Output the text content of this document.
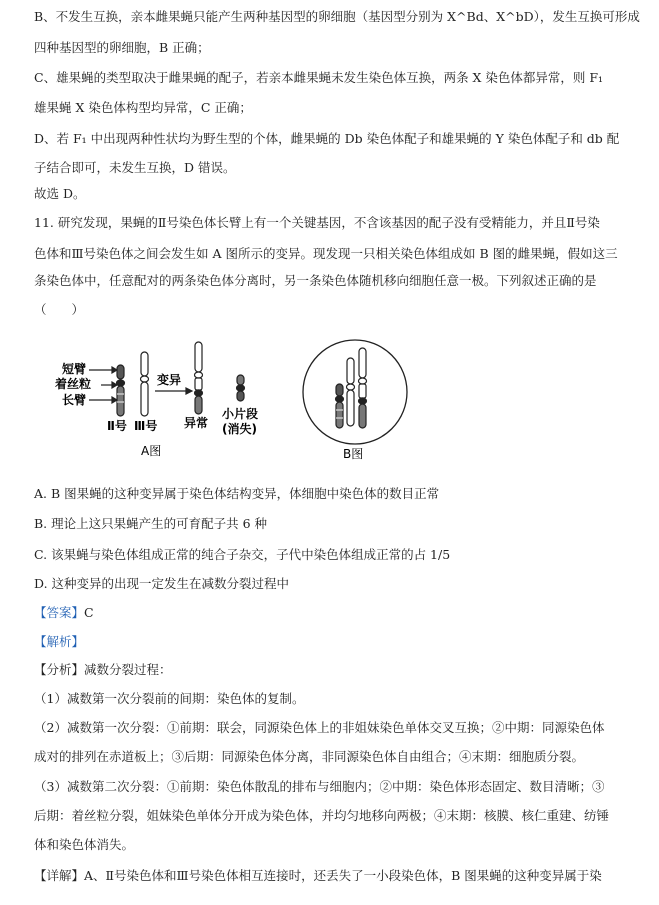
B、不发生互换，亲本雌果蝇只能产生两种基因型的卵细胞（基因型分别为 X^Bd、X^bD），发生互换可形成
四种基因型的卵细胞，B 正确；
C、雄果蝇的类型取决于雌果蝇的配子，若亲本雌果蝇未发生染色体互换，两条 X 染色体都异常，则 F₁
雄果蝇 X 染色体构型均异常，C 正确；
D、若 F₁ 中出现两种性状均为野生型的个体，雌果蝇的 Db 染色体配子和雄果蝇的 Y 染色体配子和 db 配
子结合即可，未发生互换，D 错误。
故选 D。
11. 研究发现，果蝇的Ⅱ号染色体长臂上有一个关键基因，不含该基因的配子没有受精能力，并且Ⅱ号染
色体和Ⅲ号染色体之间会发生如 A 图所示的变异。现发现一只相关染色体组成如 B 图的雌果蝇，假如这三
条染色体中，任意配对的两条染色体分离时，另一条染色体随机移向细胞任意一极。下列叙述正确的是
（　　）
短臂
着丝粒
长臂
Ⅱ号 Ⅲ号
变异
异常
小片段
(消失)
A图	B图
A. B 图果蝇的这种变异属于染色体结构变异，体细胞中染色体的数目正常
B. 理论上这只果蝇产生的可育配子共 6 种
C. 该果蝇与染色体组成正常的纯合子杂交，子代中染色体组成正常的占 1/5
D. 这种变异的出现一定发生在减数分裂过程中
【答案】C
【解析】
【分析】减数分裂过程：
（1）减数第一次分裂前的间期：染色体的复制。
（2）减数第一次分裂：①前期：联会，同源染色体上的非姐妹染色单体交叉互换；②中期：同源染色体
成对的排列在赤道板上；③后期：同源染色体分离，非同源染色体自由组合；④末期：细胞质分裂。
（3）减数第二次分裂：①前期：染色体散乱的排布与细胞内；②中期：染色体形态固定、数目清晰；③
后期：着丝粒分裂，姐妹染色单体分开成为染色体，并均匀地移向两极；④末期：核膜、核仁重建、纺锤
体和染色体消失。
【详解】A、Ⅱ号染色体和Ⅲ号染色体相互连接时，还丢失了一小段染色体，B 图果蝇的这种变异属于染
